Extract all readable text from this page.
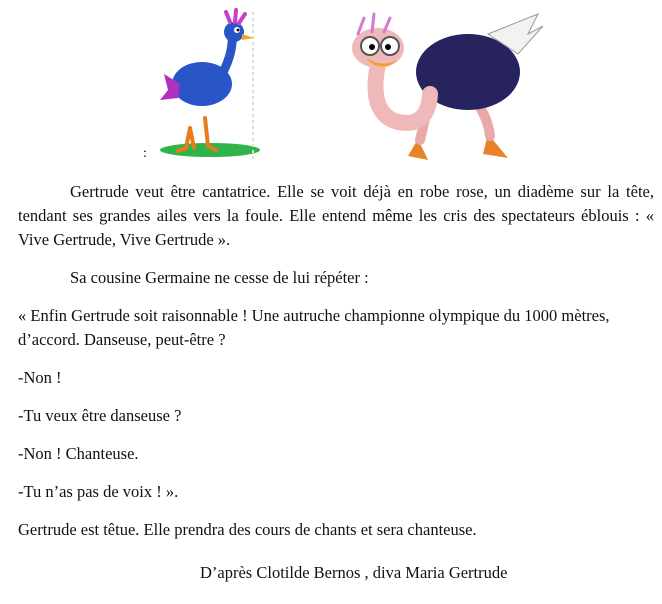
:

Gertrude veut être cantatrice. Elle se voit déjà en robe rose, un diadème sur la tête, tendant ses grandes ailes vers la foule. Elle entend même les cris des spectateurs éblouis : « Vive Gertrude, Vive Gertrude ».

Sa cousine Germaine ne cesse de lui répéter :

« Enfin Gertrude soit raisonnable ! Une autruche championne olympique du 1000 mètres, d’accord. Danseuse, peut-être ?

-Non !

-Tu veux être danseuse ?

-Non ! Chanteuse.

-Tu n’as pas de voix ! ».

Gertrude est têtue. Elle prendra des cours de chants et sera chanteuse.

D’après Clotilde Bernos , diva Maria Gertrude
